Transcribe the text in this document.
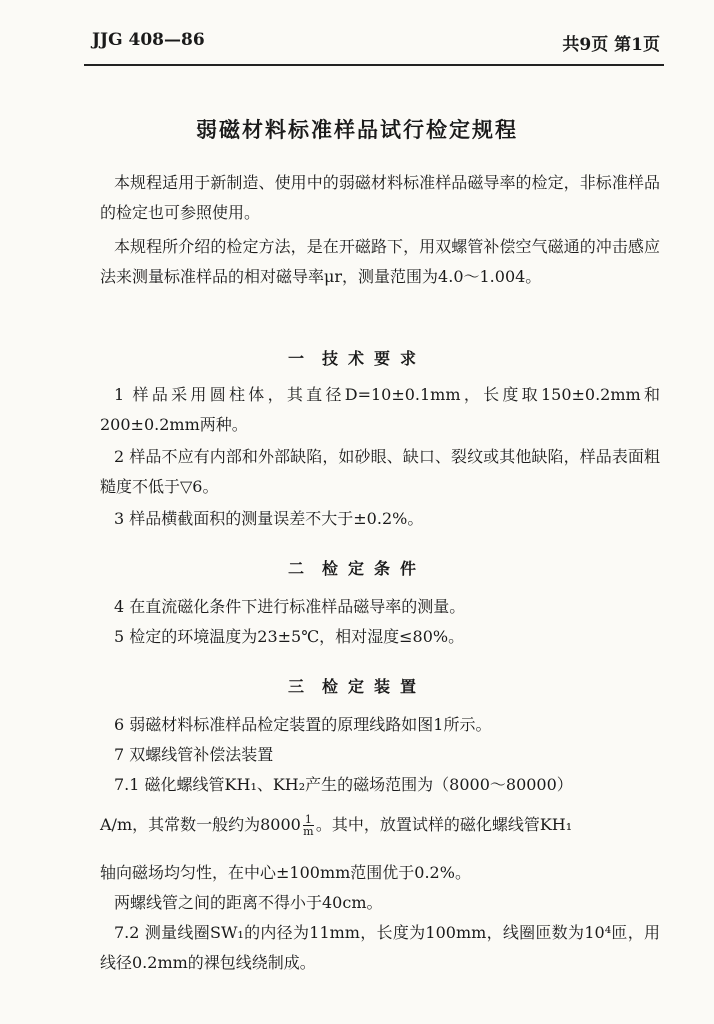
JJG 408—86	共9页 第1页
弱磁材料标准样品试行检定规程
本规程适用于新制造、使用中的弱磁材料标准样品磁导率的检定，非标准样品的检定也可参照使用。
本规程所介绍的检定方法，是在开磁路下，用双螺管补偿空气磁通的冲击感应法来测量标准样品的相对磁导率μr，测量范围为4.0～1.004。
一 技术要求
1 样品采用圆柱体，其直径D=10±0.1mm，长度取150±0.2mm和200±0.2mm两种。
2 样品不应有内部和外部缺陷，如砂眼、缺口、裂纹或其他缺陷，样品表面粗糙度不低于▽6。
3 样品横截面积的测量误差不大于±0.2%。
二 检定条件
4 在直流磁化条件下进行标准样品磁导率的测量。
5 检定的环境温度为23±5℃，相对湿度≤80%。
三 检定装置
6 弱磁材料标准样品检定装置的原理线路如图1所示。
7 双螺线管补偿法装置
7.1 磁化螺线管KH₁、KH₂产生的磁场范围为（8000～80000）
A/m，其常数一般约为$8000 \frac{1}{m}$ 。其中，放置试样的磁化螺线管KH₁
轴向磁场均匀性，在中心±100mm范围优于0.2%。
两螺线管之间的距离不得小于40cm。
7.2 测量线圈SW₁的内径为11mm，长度为100mm，线圈匝数为10⁴匝，用线径0.2mm的裸包线绕制成。
